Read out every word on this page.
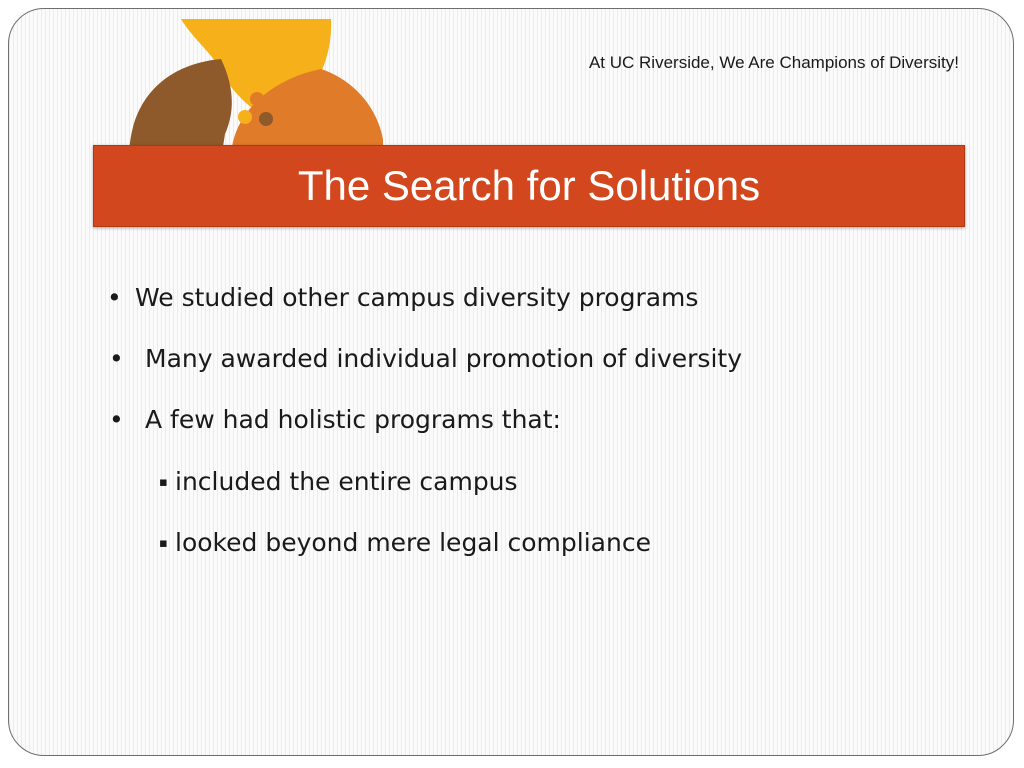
At UC Riverside, We Are Champions of Diversity!
The Search for Solutions
• We studied other campus diversity programs
• Many awarded individual promotion of diversity
• A few had holistic programs that:
▪ included the entire campus
▪ looked beyond mere legal compliance
